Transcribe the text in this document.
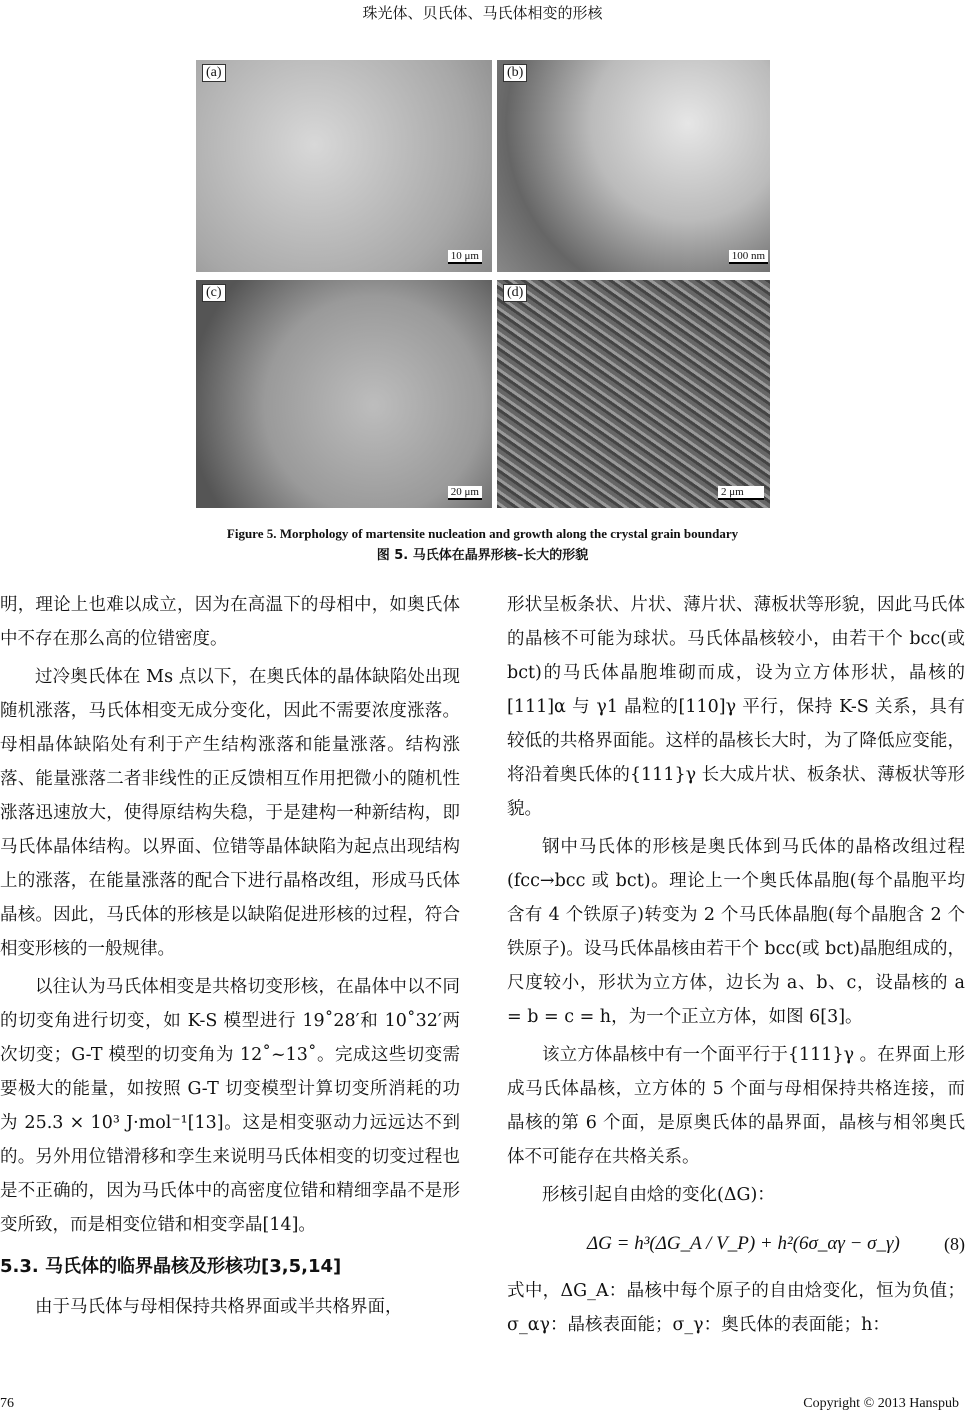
珠光体、贝氏体、马氏体相变的形核
(a)
10 μm
(b)
100 nm
(c)
20 μm
(d)
2 μm
Figure 5. Morphology of martensite nucleation and growth along the crystal grain boundary
图 5. 马氏体在晶界形核–长大的形貌
明，理论上也难以成立，因为在高温下的母相中，如奥氏体中不存在那么高的位错密度。
过冷奥氏体在 Ms 点以下，在奥氏体的晶体缺陷处出现随机涨落，马氏体相变无成分变化，因此不需要浓度涨落。母相晶体缺陷处有利于产生结构涨落和能量涨落。结构涨落、能量涨落二者非线性的正反馈相互作用把微小的随机性涨落迅速放大，使得原结构失稳，于是建构一种新结构，即马氏体晶体结构。以界面、位错等晶体缺陷为起点出现结构上的涨落，在能量涨落的配合下进行晶格改组，形成马氏体晶核。因此，马氏体的形核是以缺陷促进形核的过程，符合相变形核的一般规律。
以往认为马氏体相变是共格切变形核，在晶体中以不同的切变角进行切变，如 K-S 模型进行 19˚28′和 10˚32′两次切变；G-T 模型的切变角为 12˚~13˚。完成这些切变需要极大的能量，如按照 G-T 切变模型计算切变所消耗的功为 25.3 × 10³ J·mol⁻¹[13]。这是相变驱动力远远达不到的。另外用位错滑移和孪生来说明马氏体相变的切变过程也是不正确的，因为马氏体中的高密度位错和精细孪晶不是形变所致，而是相变位错和相变孪晶[14]。
5.3. 马氏体的临界晶核及形核功[3,5,14]
由于马氏体与母相保持共格界面或半共格界面，
形状呈板条状、片状、薄片状、薄板状等形貌，因此马氏体的晶核不可能为球状。马氏体晶核较小，由若干个 bcc(或 bct)的马氏体晶胞堆砌而成，设为立方体形状，晶核的[111]α 与 γ1 晶粒的[110]γ 平行，保持 K-S 关系，具有较低的共格界面能。这样的晶核长大时，为了降低应变能，将沿着奥氏体的{111}γ 长大成片状、板条状、薄板状等形貌。
钢中马氏体的形核是奥氏体到马氏体的晶格改组过程(fcc→bcc 或 bct)。理论上一个奥氏体晶胞(每个晶胞平均含有 4 个铁原子)转变为 2 个马氏体晶胞(每个晶胞含 2 个铁原子)。设马氏体晶核由若干个 bcc(或 bct)晶胞组成的，尺度较小，形状为立方体，边长为 a、b、c，设晶核的 a = b = c = h，为一个正立方体，如图 6[3]。
该立方体晶核中有一个面平行于{111}γ 。在界面上形成马氏体晶核，立方体的 5 个面与母相保持共格连接，而晶核的第 6 个面，是原奥氏体的晶界面，晶核与相邻奥氏体不可能存在共格关系。
形核引起自由焓的变化(ΔG)：
ΔG = h³(ΔG_A / V_P) + h²(6σ_αγ − σ_γ) (8)
式中，ΔG_A：晶核中每个原子的自由焓变化，恒为负值；σ_αγ：晶核表面能；σ_γ：奥氏体的表面能；h：
76	Copyright © 2013 Hanspub
